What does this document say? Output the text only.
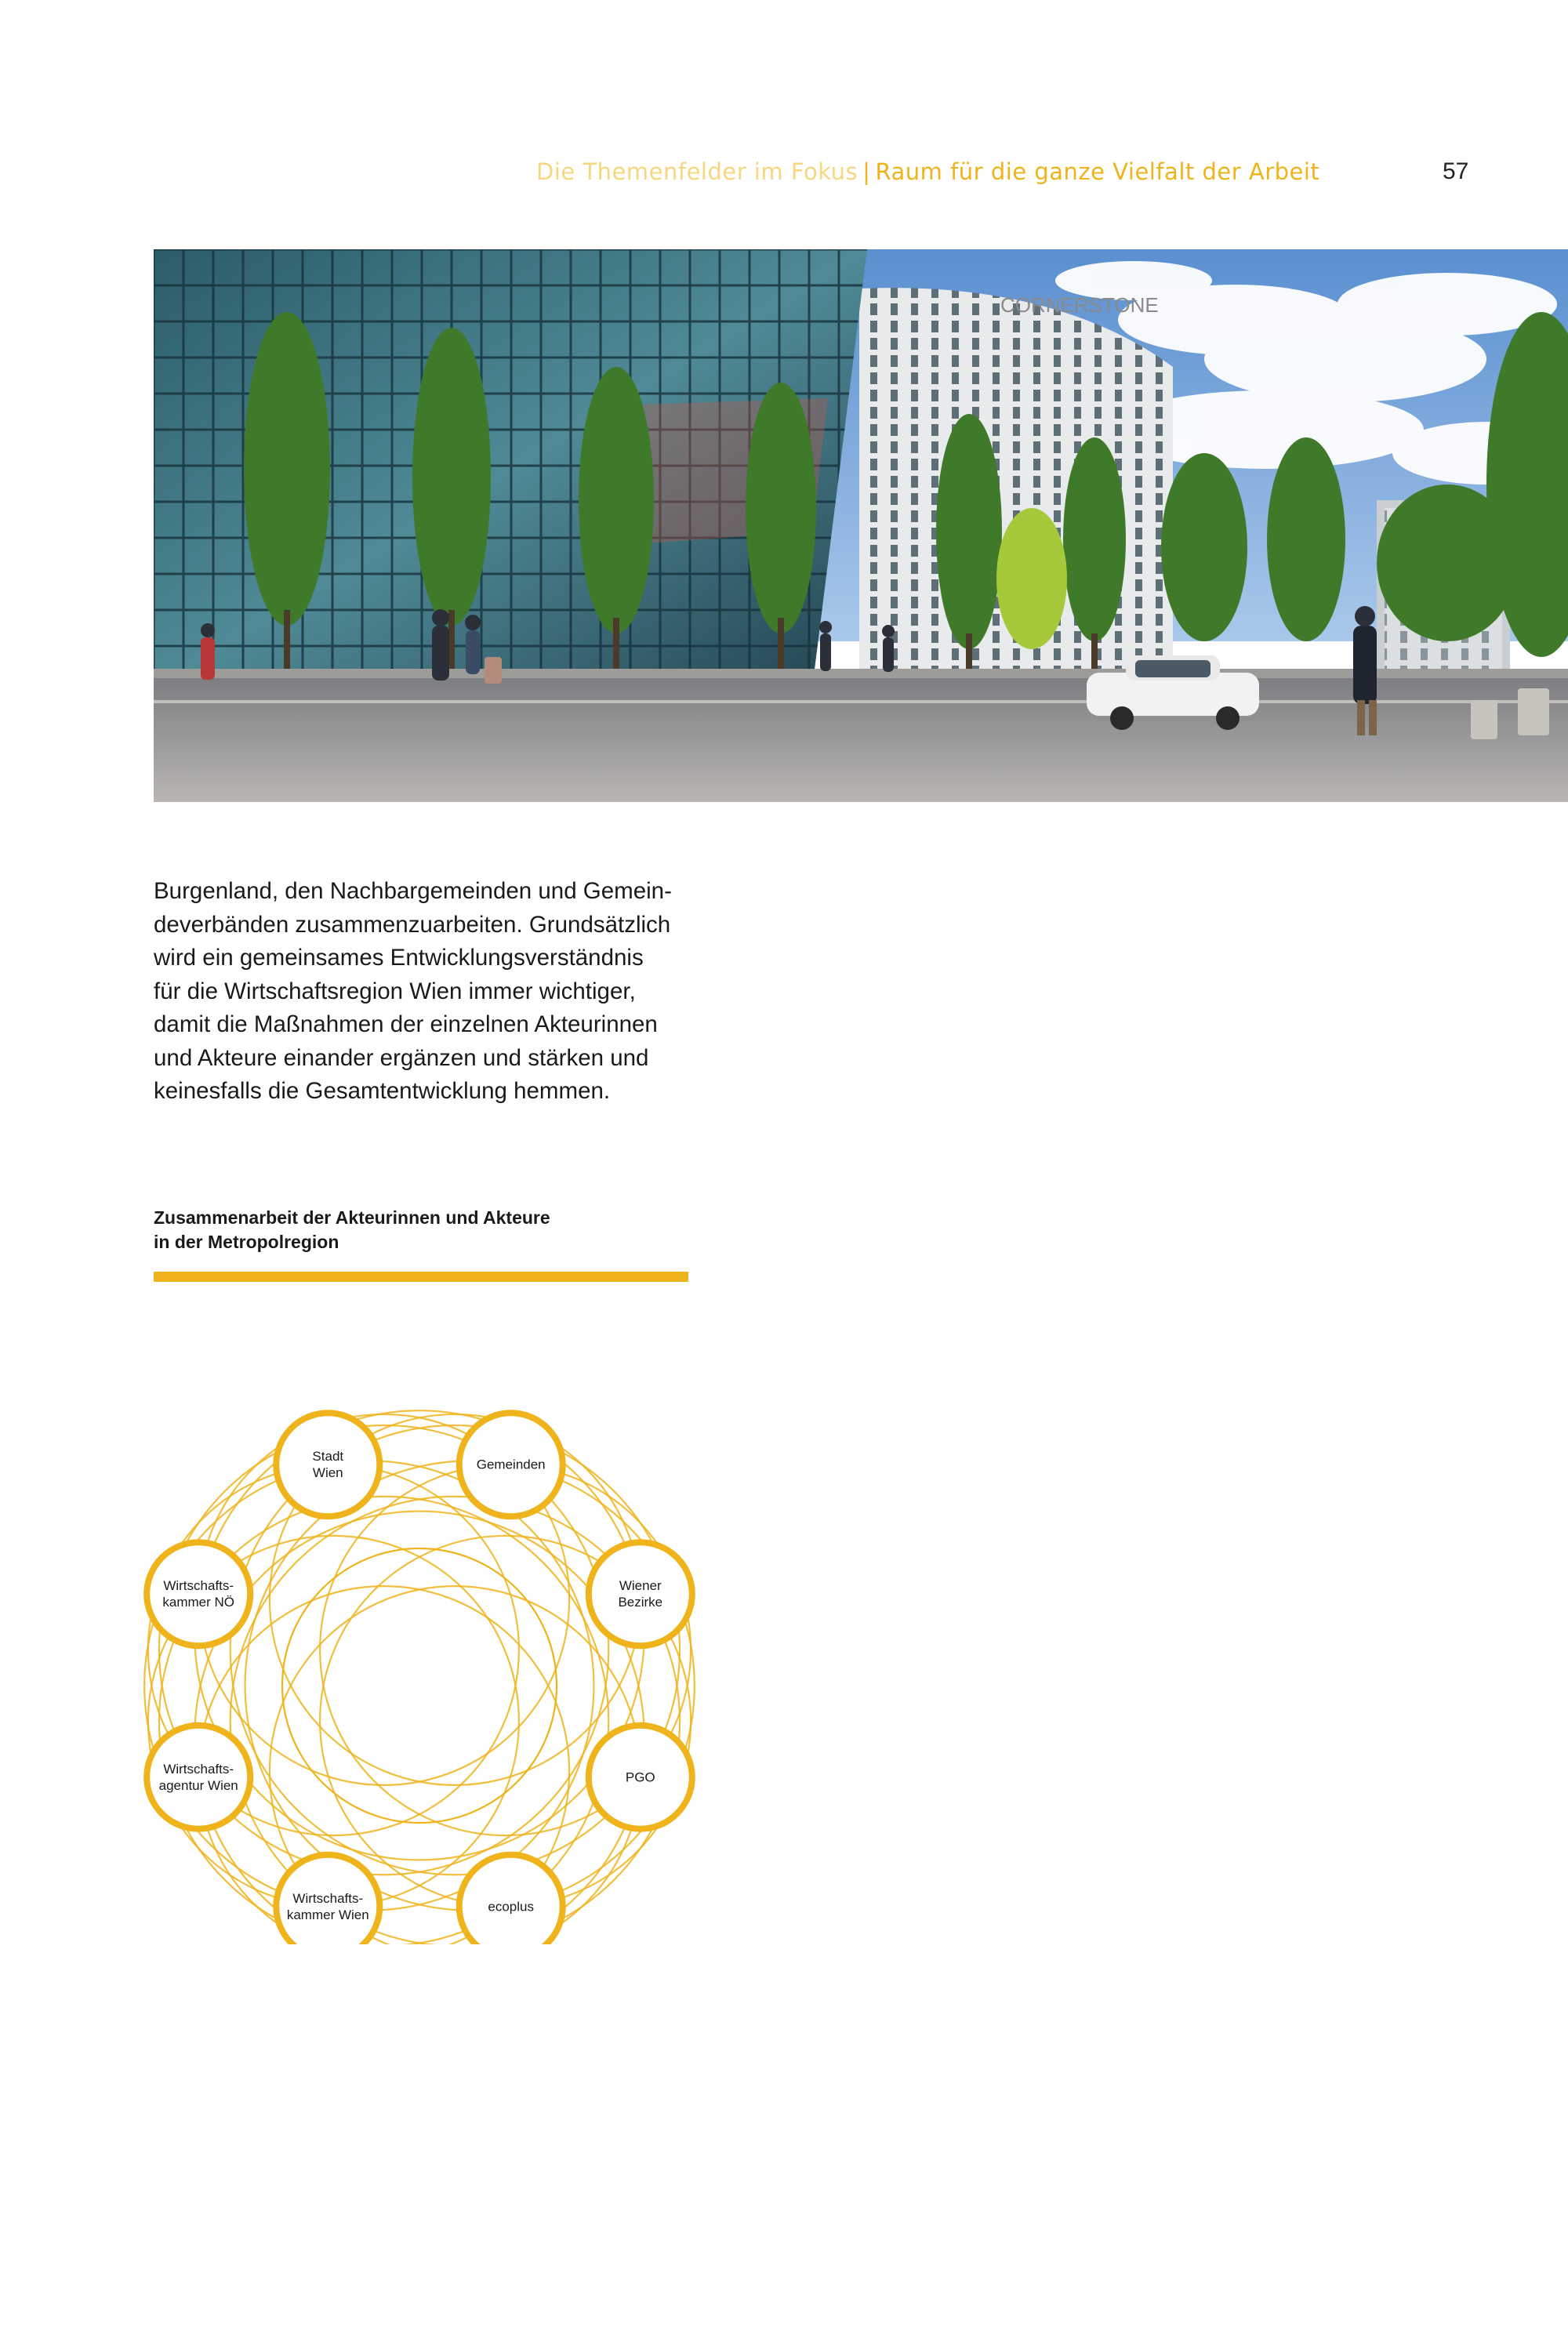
Die Themenfelder im Fokus | Raum für die ganze Vielfalt der Arbeit	57
CORNERSTONE

Burgenland, den Nachbargemeinden und Gemein-

deverbänden zusammenzuarbeiten. Grundsätzlich

wird ein gemeinsames Entwicklungsverständnis

für die Wirtschaftsregion Wien immer wichtiger,

damit die Maßnahmen der einzelnen Akteurinnen

und Akteure einander ergänzen und stärken und

keinesfalls die Gesamtentwicklung hemmen.

Zusammenarbeit der Akteurinnen und Akteure
in der Metropolregion
Stadt
Wien
Gemeinden
Wiener
Bezirke
PGO
ecoplus
Wirtschafts-
kammer Wien
Wirtschafts-
agentur Wien
Wirtschafts-
kammer NÖ
